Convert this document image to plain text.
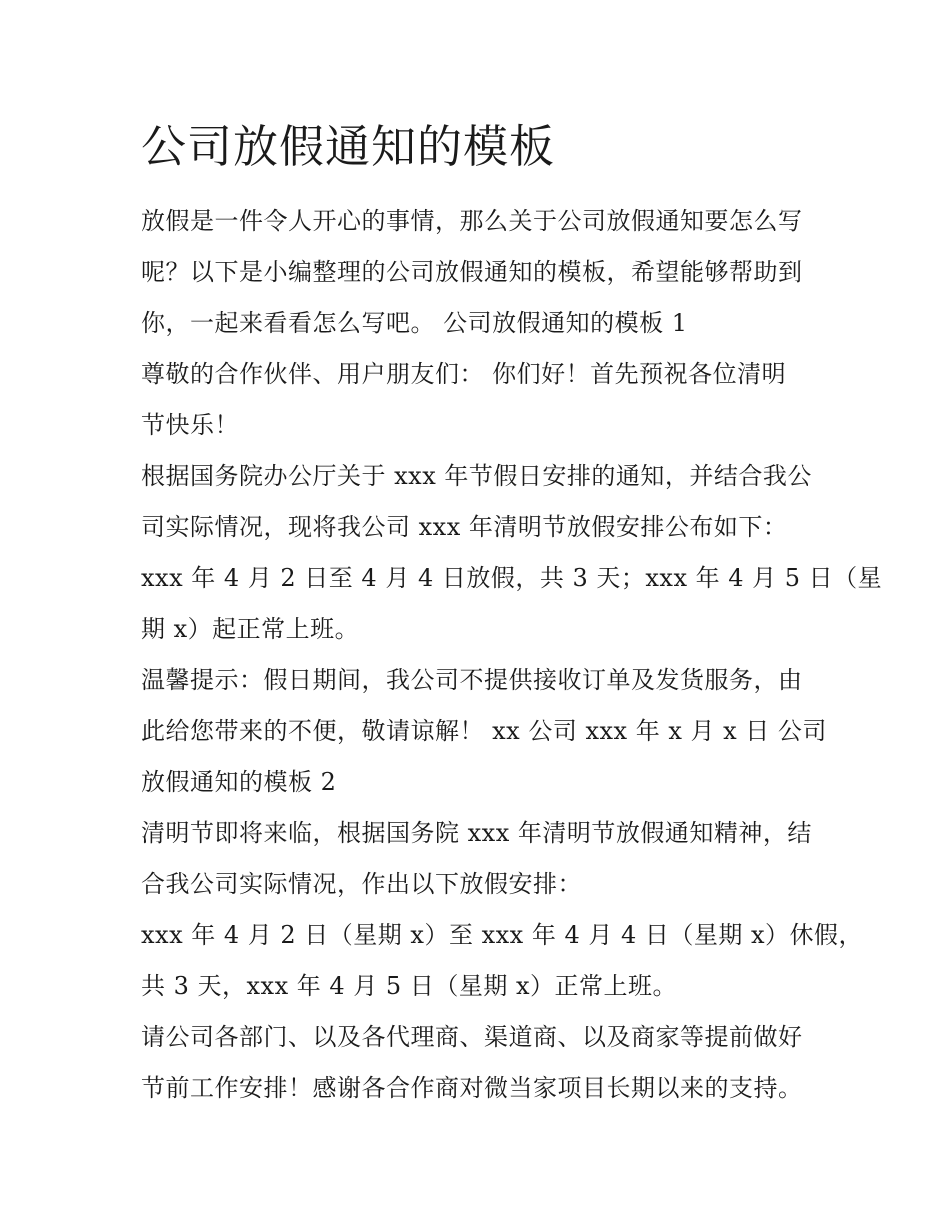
公司放假通知的模板
放假是一件令人开心的事情，那么关于公司放假通知要怎么写
呢？以下是小编整理的公司放假通知的模板，希望能够帮助到
你，一起来看看怎么写吧。 公司放假通知的模板 1
尊敬的合作伙伴、用户朋友们： 你们好！首先预祝各位清明
节快乐！
根据国务院办公厅关于 xxx 年节假日安排的通知，并结合我公
司实际情况，现将我公司 xxx 年清明节放假安排公布如下：
xxx 年 4 月 2 日至 4 月 4 日放假，共 3 天；xxx 年 4 月 5 日（星
期 x）起正常上班。
温馨提示：假日期间，我公司不提供接收订单及发货服务，由
此给您带来的不便，敬请谅解！ xx 公司 xxx 年 x 月 x 日 公司
放假通知的模板 2
清明节即将来临，根据国务院 xxx 年清明节放假通知精神，结
合我公司实际情况，作出以下放假安排：
xxx 年 4 月 2 日（星期 x）至 xxx 年 4 月 4 日（星期 x）休假，
共 3 天，xxx 年 4 月 5 日（星期 x）正常上班。
请公司各部门、以及各代理商、渠道商、以及商家等提前做好
节前工作安排！感谢各合作商对微当家项目长期以来的支持。
